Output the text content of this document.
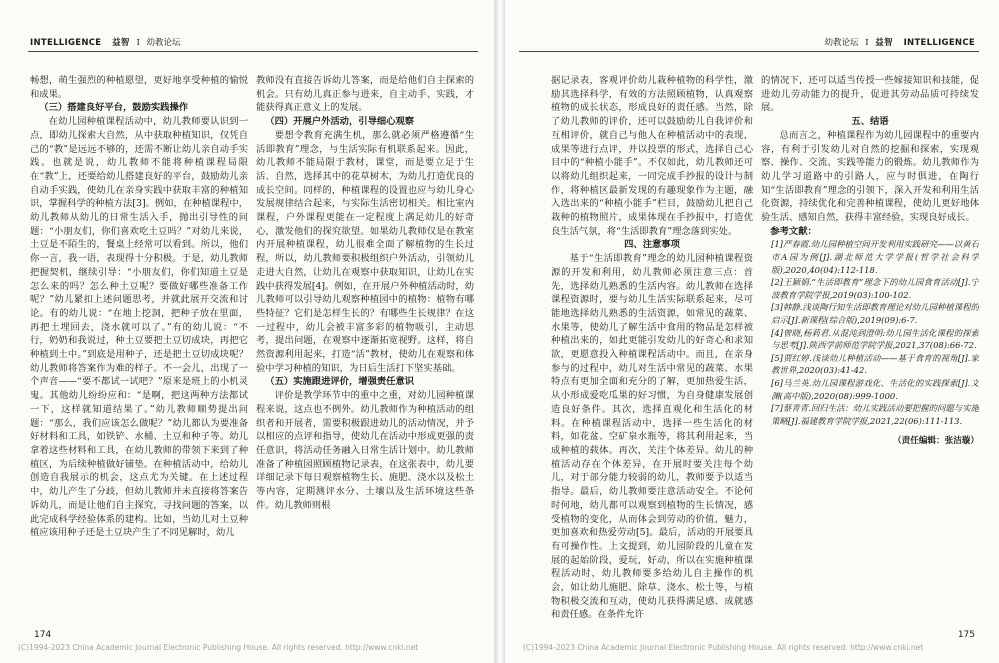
INTELLIGENCE 益智 I 幼教论坛

畅想，萌生强烈的种植愿望，更好地享受种植的愉悦和成果。

（三）搭建良好平台，鼓励实践操作

在幼儿园种植课程活动中，幼儿教师要认识到一点，即幼儿探索大自然，从中获取种植知识，仅凭自己的“教”是远远不够的，还需不断让幼儿亲自动手实践。也就是说，幼儿教师不能将种植课程局限在“教”上，还要给幼儿搭建良好的平台，鼓励幼儿亲自动手实践，使幼儿在亲身实践中获取丰富的种植知识，掌握科学的种植方法[3]。例如，在种植课程中，幼儿教师从幼儿的日常生活入手，抛出引导性的问题：“小朋友们，你们喜欢吃土豆吗？”对幼儿来说，土豆是不陌生的，餐桌上经常可以看到。所以，他们你一言，我一语，表现得十分积极。于是，幼儿教师把握契机，继续引导：“小朋友们，你们知道土豆是怎么来的吗？怎么种土豆呢？要做好哪些准备工作呢？”幼儿紧扣上述问题思考，并就此展开交流和讨论。有的幼儿说：“在地上挖洞，把种子放在里面，再把土埋回去，浇水就可以了。”有的幼儿说：“不行，奶奶和我说过，种土豆要把土豆切成块，再把它种植到土中。”到底是用种子，还是把土豆切成块呢？幼儿教师将答案作为难的样子。不一会儿，出现了一个声音——“要不都试一试吧？”原来是班上的小机灵鬼。其他幼儿纷纷应和：“是啊，把这两种方法都试一下，这样就知道结果了。”幼儿教师顺势提出问题：“那么，我们应该怎么做呢？”幼儿都认为要准备好材料和工具，如铁铲、水桶、土豆和种子等。幼儿拿着这些材料和工具，在幼儿教师的带领下来到了种植区，为后续种植做好铺垫。在种植活动中，给幼儿创造自我展示的机会，这点尤为关键。在上述过程中，幼儿产生了分歧，但幼儿教师并未直接将答案告诉幼儿，而是让他们自主探究，寻找问题的答案，以此完成科学经验体系的建构。比如，当幼儿对土豆种植应该用种子还是土豆块产生了不同见解时，幼儿

教师没有直接告诉幼儿答案，而是给他们自主探索的机会。只有幼儿真正参与进来，自主动手、实践，才能获得真正意义上的发展。

（四）开展户外活动，引导细心观察

要想令教育充满生机，那么就必须严格遵循“生活即教育”理念，与生活实际有机联系起来。因此，幼儿教师不能局限于教材，课堂，而是要立足于生活、自然，选择其中的花草树木，为幼儿打造优良的成长空间。同样的，种植课程的设置也应与幼儿身心发展规律结合起来，与实际生活密切相关。相比室内课程，户外课程更能在一定程度上满足幼儿的好奇心，激发他们的探究欲望。如果幼儿教师仅是在教室内开展种植课程，幼儿很难全面了解植物的生长过程，所以，幼儿教师要积极组织户外活动，引领幼儿走进大自然，让幼儿在观察中获取知识，让幼儿在实践中获得发展[4]。例如，在开展户外种植活动时，幼儿教师可以引导幼儿观察种植园中的植物：植物有哪些特征？它们是怎样生长的？有哪些生长规律？在这一过程中，幼儿会被丰富多彩的植物吸引，主动思考，提出问题，在观察中逐渐拓宽视野。这样，将自然资源利用起来，打造“活”教材，使幼儿在观察和体验中学习种植的知识，为日后生活打下坚实基础。

（五）实施跟进评价，增强责任意识

评价是教学环节中的重中之重，对幼儿园种植课程来说，这点也不例外。幼儿教师作为种植活动的组织者和开展者，需要积极跟进幼儿的活动情况，并予以相应的点评和指导，使幼儿在活动中形成更强的责任意识，将活动任务融入日常生活计划中。幼儿教师准备了种植园照顾植物记录表，在这张表中，幼儿要详细记录下每日观察植物生长、施肥、浇水以及松土等内容，定期测评水分、土壤以及生活环境这些条件。幼儿教师则根

174
(C)1994-2023 China Academic Journal Electronic Publishing House. All rights reserved. http://www.cnki.net
幼教论坛 I 益智 INTELLIGENCE

据记录表，客观评价幼儿栽种植物的科学性，激励其选择科学，有效的方法照顾植物，认真观察植物的成长状态，形成良好的责任感。当然，除了幼儿教师的评价，还可以鼓励幼儿自我评价和互相评价，就自己与他人在种植活动中的表现，成果等进行点评，并以投票的形式，选择自己心目中的“种植小能手”。不仅如此，幼儿教师还可以将幼儿组织起来，一同完成手抄报的设计与制作，将种植区最新发现的有趣现象作为主题，融入选出来的“种植小能手”栏目，鼓励幼儿把自己栽种的植物照片，成果体现在手抄报中，打造优良生活气氛，将“生活即教育”理念落到实处。

四、注意事项

基于“生活即教育”理念的幼儿园种植课程资源的开发和利用，幼儿教师必须注意三点：首先，选择幼儿熟悉的生活内容。幼儿教师在选择课程资源时，要与幼儿生活实际联系起来，尽可能地选择幼儿熟悉的生活资源，如常见的蔬菜、水果等，使幼儿了解生活中食用的物品是怎样被种植出来的，如此更能引发幼儿的好奇心和求知欲，更愿意投入种植课程活动中。而且，在亲身参与的过程中，幼儿对生活中常见的蔬菜、水果特点有更加全面和充分的了解，更加热爱生活，从小形成爱吃瓜果的好习惯，为自身健康发展创造良好条件。其次，选择直观化和生活化的材料。在种植课程活动中，选择一些生活化的材料，如花盆、空矿泉水瓶等，将其利用起来，当成种植的载体。再次，关注个体差异。幼儿的种植活动存在个体差异，在开展时要关注每个幼儿，对于部分能力较弱的幼儿，教师要予以适当指导。最后，幼儿教师要注意活动安全。不论何时何地，幼儿都可以观察到植物的生长情况，感受植物的变化，从而体会到劳动的价值，魅力，更加喜欢和热爱劳动[5]。最后，活动的开展要具有可操作性。上文提到，幼儿园阶段的儿童在发展的起始阶段，爱玩，好动，所以在实施种植课程活动时，幼儿教师要多给幼儿自主操作的机会，如让幼儿施肥、除草、浇水、松土等，与植物积极交流和互动，使幼儿获得满足感、成就感和责任感。在条件允许

的情况下，还可以适当传授一些嫁接知识和技能，促进幼儿劳动能力的提升，促进其劳动品质可持续发展。

五、结语

总而言之，种植课程作为幼儿园课程中的重要内容，有利于引发幼儿对自然的挖掘和探索，实现观察、操作、交流、实践等能力的锻炼。幼儿教师作为幼儿学习道路中的引路人，应与时俱进，在陶行知“生活即教育”理念的引领下，深入开发和利用生活化资源，持续优化和完善种植课程，使幼儿更好地体验生活、感知自然，获得丰富经验，实现良好成长。

参考文献：

[1]严春霞.幼儿园种植空间开发利用实践研究——以黄石市A园为例[J].湖北师范大学学报(哲学社会科学版),2020,40(04):112-118.

[2]王颖娟.“生活即教育”理念下的幼儿园食育活动[J].宁波教育学院学报,2019(03):100-102.

[3]韩静.浅谈陶行知生活即教育理论对幼儿园种植课程的启示[J].新课程(综合版),2019(09):6-7.

[4]曾晓,杨莉君.从混沌到澄明:幼儿园生活化课程的探索与思考[J].陕西学前师范学院学报,2021,37(08):66-72.

[5]贾红婷.浅谈幼儿种植活动——基于食育的视角[J].家教世界,2020(03):41-42.

[6]马兰英.幼儿园课程游戏化、生活化的实践探索[J].文渊(高中版),2020(08):999-1000.

[7]蔡青青.回归生活：幼儿实践活动要把握的问题与实施策略[J].福建教育学院学报,2021,22(06):111-113.

（责任编辑：张洁璇）

175
(C)1994-2023 China Academic Journal Electronic Publishing House. All rights reserved. http://www.cnki.net
